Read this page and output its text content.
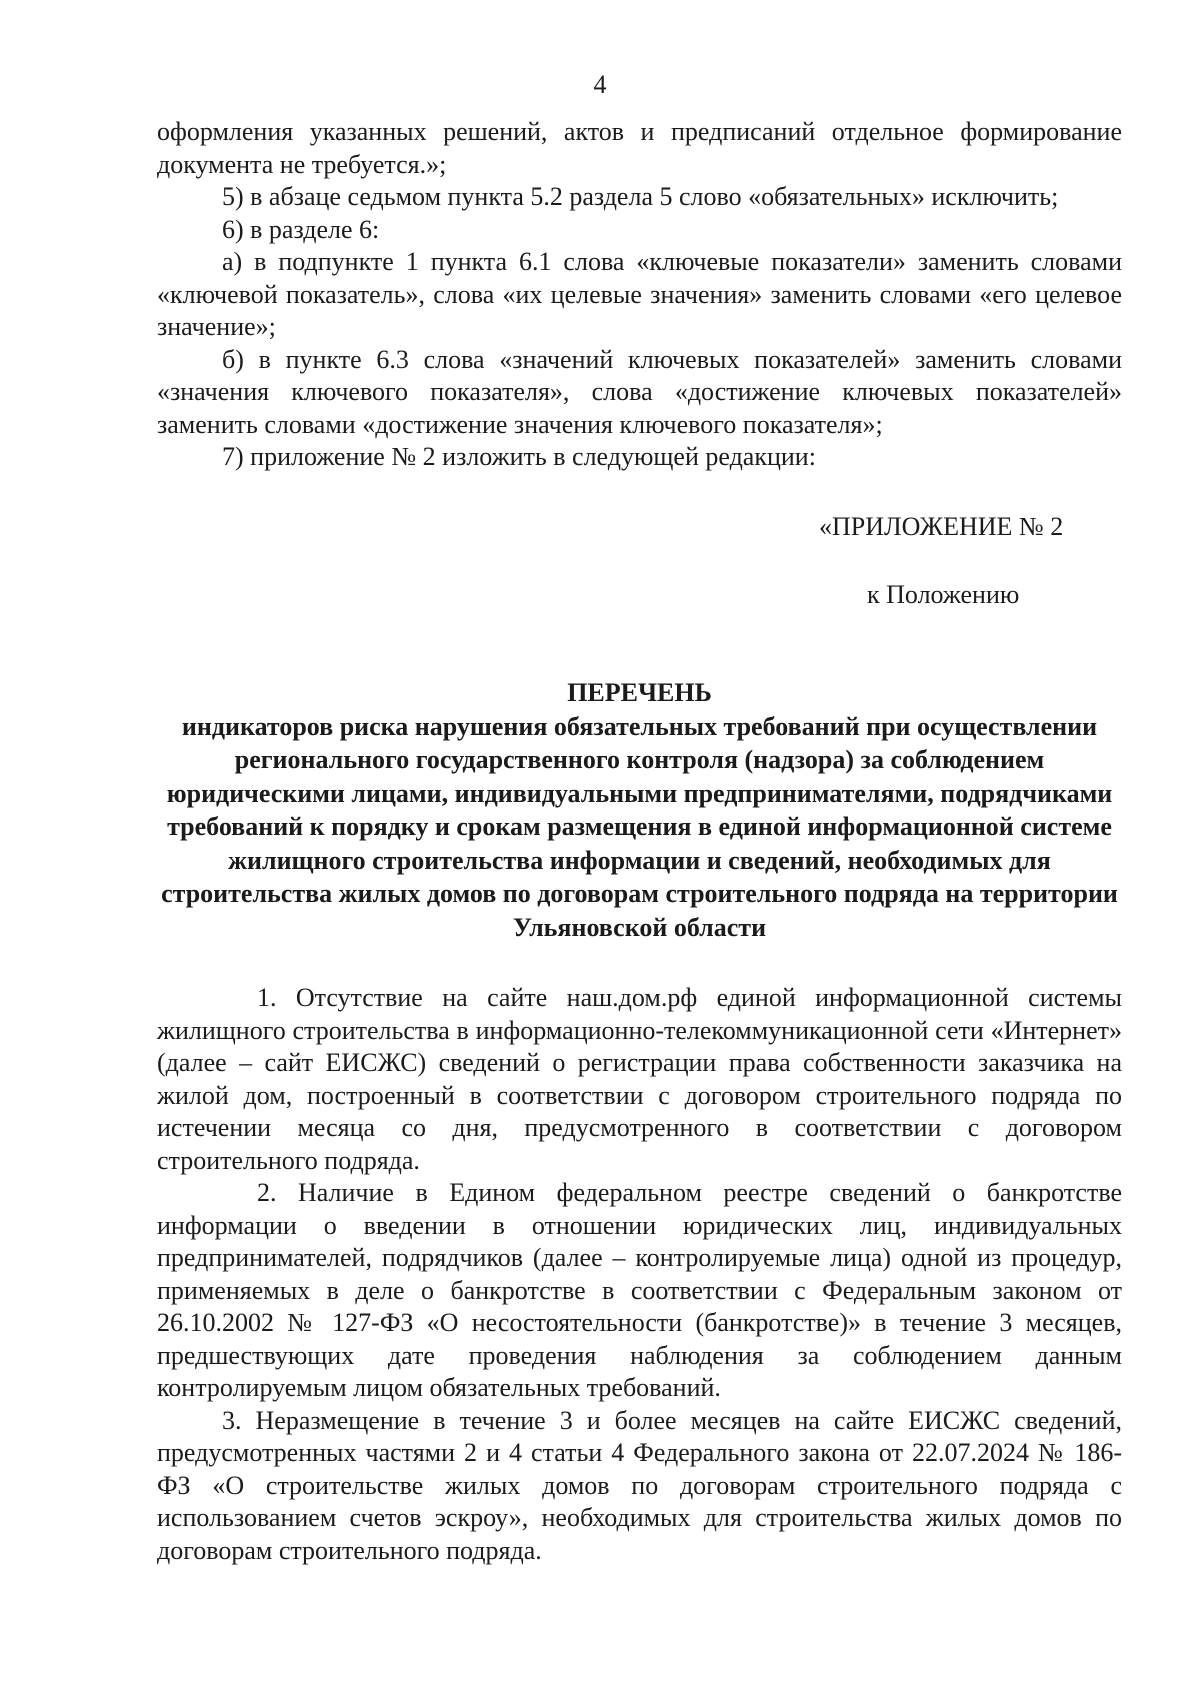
4

оформления указанных решений, актов и предписаний отдельное формирование документа не требуется.»;

5) в абзаце седьмом пункта 5.2 раздела 5 слово «обязательных» исключить;

6) в разделе 6:

а) в подпункте 1 пункта 6.1 слова «ключевые показатели» заменить словами «ключевой показатель», слова «их целевые значения» заменить словами «его целевое значение»;

б) в пункте 6.3 слова «значений ключевых показателей» заменить словами «значения ключевого показателя», слова «достижение ключевых показателей» заменить словами «достижение значения ключевого показателя»;

7) приложение № 2 изложить в следующей редакции:

«ПРИЛОЖЕНИЕ № 2
к Положению

ПЕРЕЧЕНЬ

индикаторов риска нарушения обязательных требований при осуществлении регионального государственного контроля (надзора) за соблюдением юридическими лицами, индивидуальными предпринимателями, подрядчиками требований к порядку и срокам размещения в единой информационной системе жилищного строительства информации и сведений, необходимых для строительства жилых домов по договорам строительного подряда на территории Ульяновской области

1. Отсутствие на сайте наш.дом.рф единой информационной системы жилищного строительства в информационно-телекоммуникационной сети «Интернет» (далее – сайт ЕИСЖС) сведений о регистрации права собственности заказчика на жилой дом, построенный в соответствии с договором строительного подряда по истечении месяца со дня, предусмотренного в соответствии с договором строительного подряда.

2. Наличие в Едином федеральном реестре сведений о банкротстве информации о введении в отношении юридических лиц, индивидуальных предпринимателей, подрядчиков (далее – контролируемые лица) одной из процедур, применяемых в деле о банкротстве в соответствии с Федеральным законом от 26.10.2002 № 127-ФЗ «О несостоятельности (банкротстве)» в течение 3 месяцев, предшествующих дате проведения наблюдения за соблюдением данным контролируемым лицом обязательных требований.

3. Неразмещение в течение 3 и более месяцев на сайте ЕИСЖС сведений, предусмотренных частями 2 и 4 статьи 4 Федерального закона от 22.07.2024 № 186-ФЗ «О строительстве жилых домов по договорам строительного подряда с использованием счетов эскроу», необходимых для строительства жилых домов по договорам строительного подряда.
